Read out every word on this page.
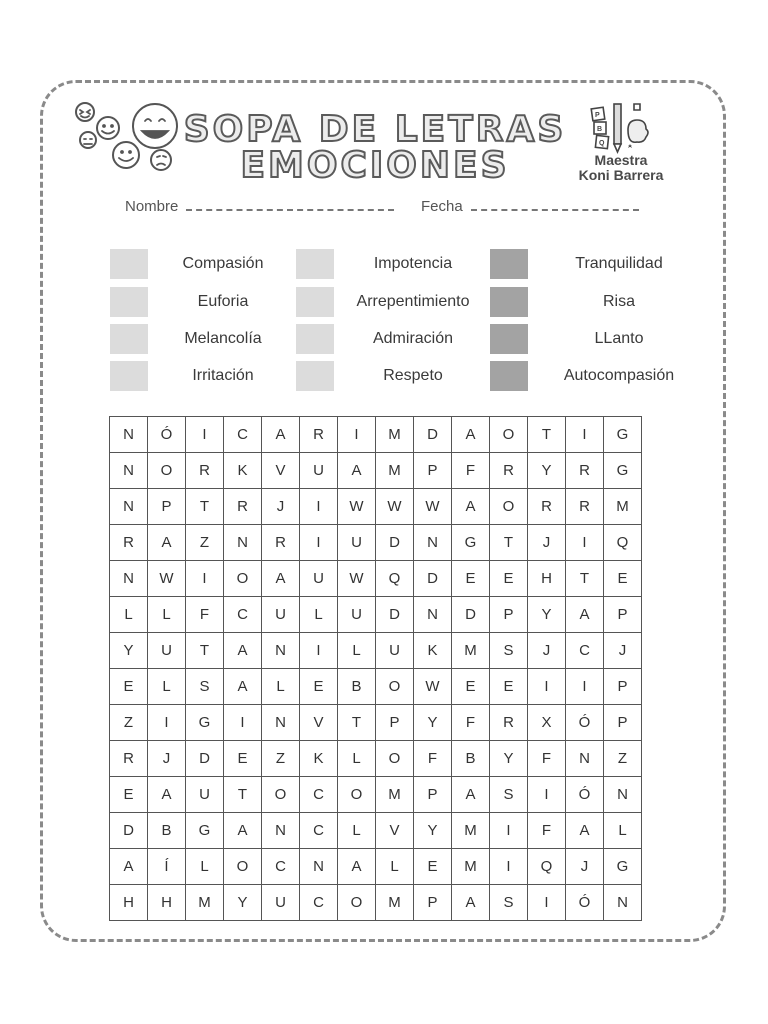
SOPA DE LETRAS
EMOCIONES
P
B
Q
Maestra
Koni Barrera
Nombre	Fecha
Compasión	Impotencia	Tranquilidad
Euforia	Arrepentimiento	Risa
Melancolía	Admiración	LLanto
Irritación	Respeto	Autocompasión
N	Ó	I	C	A	R	I	M	D	A	O	T	I	G
N	O	R	K	V	U	A	M	P	F	R	Y	R	G
N	P	T	R	J	I	W	W	W	A	O	R	R	M
R	A	Z	N	R	I	U	D	N	G	T	J	I	Q
N	W	I	O	A	U	W	Q	D	E	E	H	T	E
L	L	F	C	U	L	U	D	N	D	P	Y	A	P
Y	U	T	A	N	I	L	U	K	M	S	J	C	J
E	L	S	A	L	E	B	O	W	E	E	I	I	P
Z	I	G	I	N	V	T	P	Y	F	R	X	Ó	P
R	J	D	E	Z	K	L	O	F	B	Y	F	N	Z
E	A	U	T	O	C	O	M	P	A	S	I	Ó	N
D	B	G	A	N	C	L	V	Y	M	I	F	A	L
A	Í	L	O	C	N	A	L	E	M	I	Q	J	G
H	H	M	Y	U	C	O	M	P	A	S	I	Ó	N
